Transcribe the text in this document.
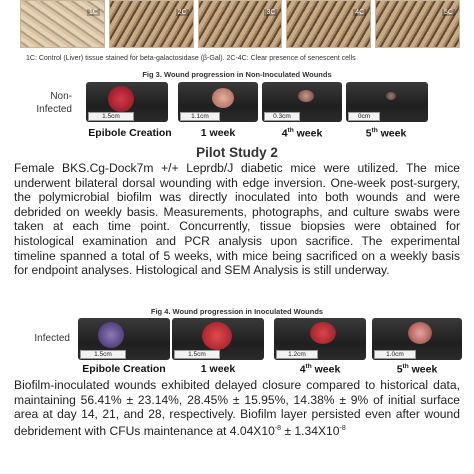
1C	2C	3C	4C	5C
1C: Control (Liver) tissue stained for beta-galactosidase (β-Gal). 2C-4C: Clear presence of senescent cells
Fig 3. Wound progression in Non-Inoculated Wounds
Non-
Infected
1.5cm	1.1cm	0.3cm	0cm
Epibole Creation	1 week	4th week	5th week
Pilot Study 2
Female BKS.Cg-Dock7m +/+ Leprdb/J diabetic mice were utilized. The mice underwent bilateral dorsal wounding with edge inversion. One-week post-surgery, the polymicrobial biofilm was directly inoculated into both wounds and were debrided on weekly basis. Measurements, photographs, and culture swabs were taken at each time point. Concurrently, tissue biopsies were obtained for histological examination and PCR analysis upon sacrifice. The experimental timeline spanned a total of 5 weeks, with mice being sacrificed on a weekly basis for endpoint analyses. Histological and SEM Analysis is still underway.
Fig 4. Wound progression in Inoculated Wounds
Infected
1.5cm	1.5cm	1.2cm	1.0cm
Epibole Creation	1 week	4th week	5th week
Biofilm-inoculated wounds exhibited delayed closure compared to historical data, maintaining 56.41% ± 23.14%, 28.45% ± 15.95%, 14.38% ± 9% of initial surface area at day 14, 21, and 28, respectively. Biofilm layer persisted even after wound debridement with CFUs maintenance at $4.04X10^{-8} \pm 1.34X10^{-8}$
